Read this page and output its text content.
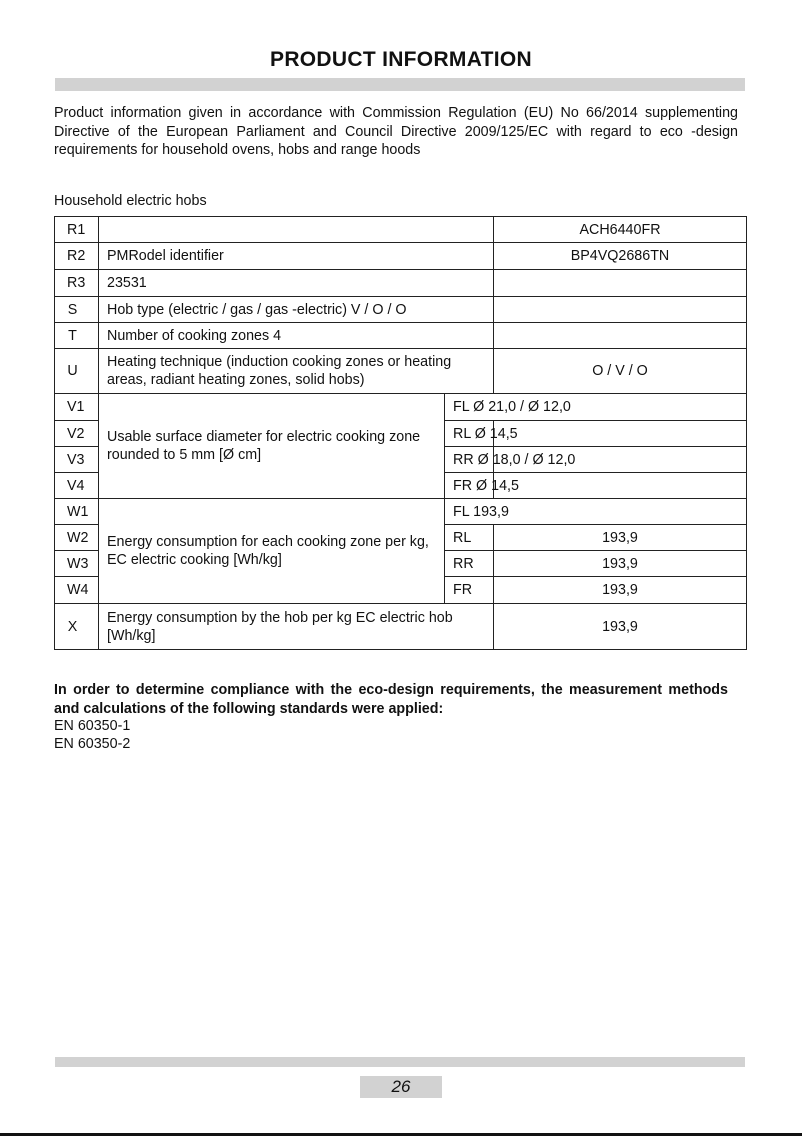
PRODUCT INFORMATION
Product information given in accordance with Commission Regulation (EU) No 66/2014 supplementing Directive of the European Parliament and Council Directive 2009/125/EC with regard to eco -design requirements for household ovens, hobs and range hoods
Household electric hobs
R1			ACH6440FR
R2	PMRodel identifier		BP4VQ2686TN
R3	23531		
S	Hob type (electric / gas / gas -electric) V / O / O		
T	Number of cooking zones 4		
U	Heating technique (induction cooking zones or heating areas, radiant heating zones, solid hobs)		O / V / O
V1	Usable surface diameter for electric cooking zone rounded to 5 mm [Ø cm]	FL Ø 21,0 / Ø 12,0	
V2		RL Ø 14,5	
V3		RR Ø 18,0 / Ø 12,0	
V4		FR Ø 14,5	
W1	Energy consumption for each cooking zone per kg, EC electric cooking [Wh/kg]	FL 193,9	
W2		RL	193,9
W3		RR	193,9
W4		FR	193,9
X	Energy consumption by the hob per kg EC electric hob [Wh/kg]		193,9
In order to determine compliance with the eco-design requirements, the measurement methods and calculations of the following standards were applied:
EN 60350-1
EN 60350-2
26
